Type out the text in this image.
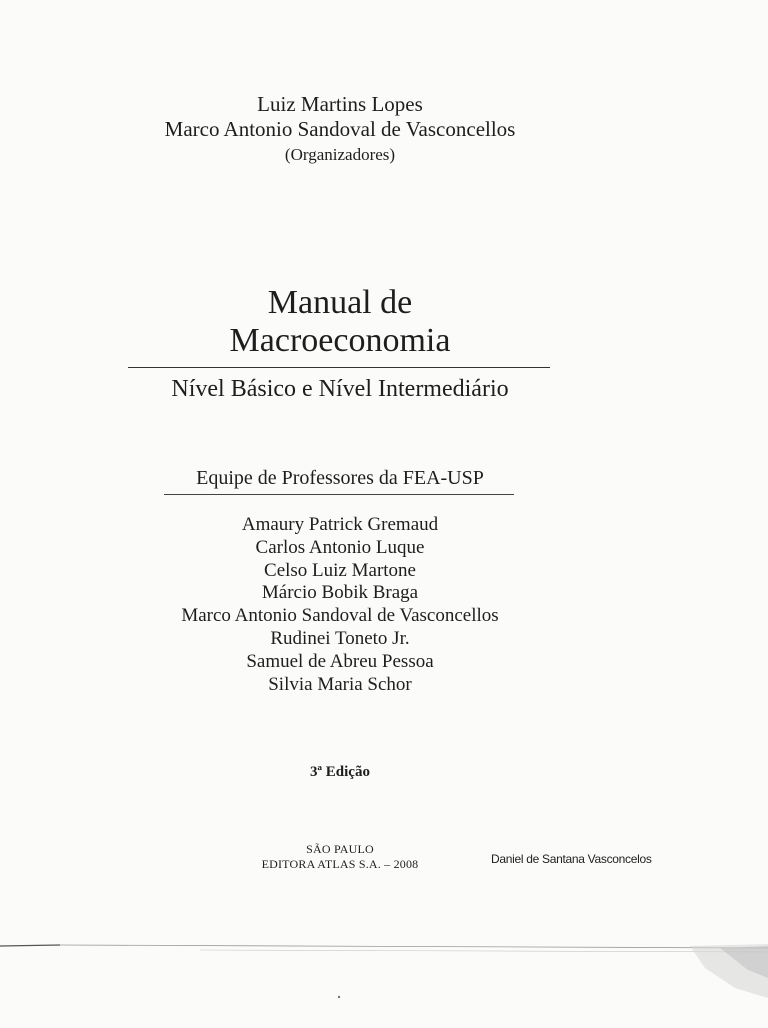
Luiz Martins Lopes
Marco Antonio Sandoval de Vasconcellos
(Organizadores)
Manual de
Macroeconomia
Nível Básico e Nível Intermediário
Equipe de Professores da FEA-USP
Amaury Patrick Gremaud
Carlos Antonio Luque
Celso Luiz Martone
Márcio Bobik Braga
Marco Antonio Sandoval de Vasconcellos
Rudinei Toneto Jr.
Samuel de Abreu Pessoa
Silvia Maria Schor
3ª Edição
SÃO PAULO
EDITORA ATLAS S.A. – 2008	Daniel de Santana Vasconcelos
